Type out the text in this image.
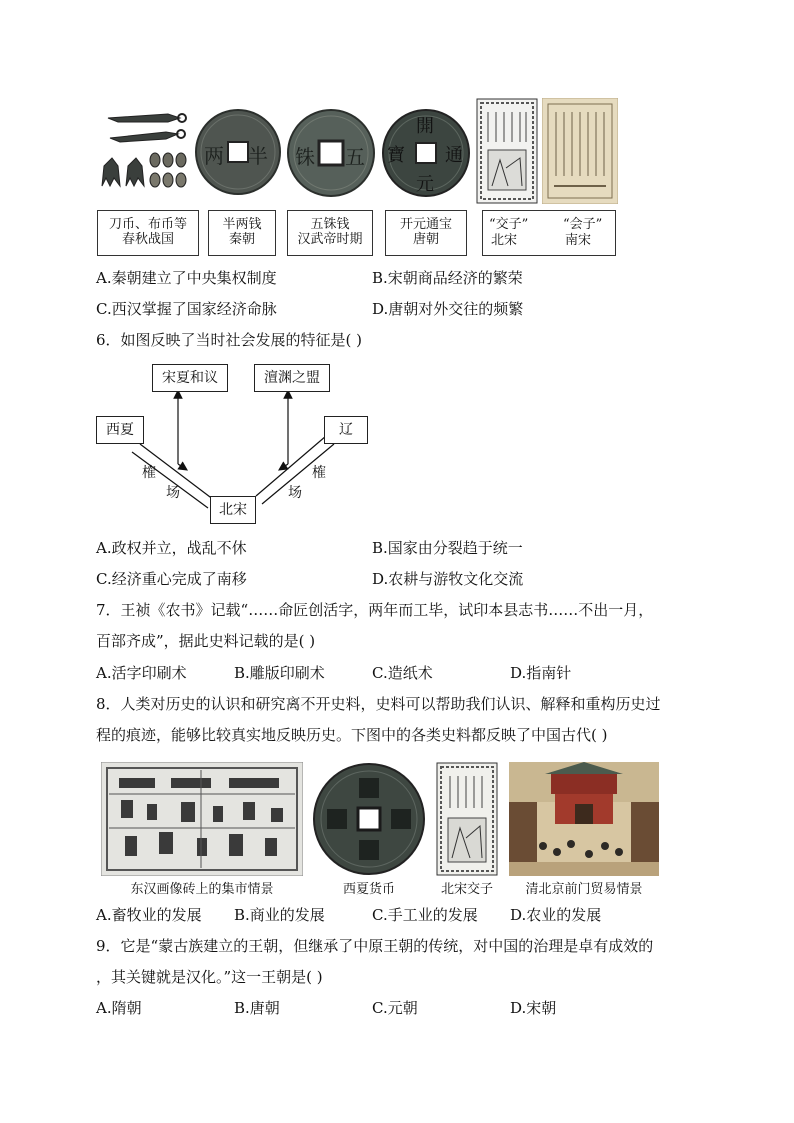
半
两	五
铢
開
元
通
寶
刀币、布币等
春秋战国
半两钱
秦朝
五铢钱
汉武帝时期
开元通宝
唐朝
“交子”	“会子”
北宋	南宋
A.秦朝建立了中央集权制度	B.宋朝商品经济的繁荣
C.西汉掌握了国家经济命脉	D.唐朝对外交往的频繁
6．如图反映了当时社会发展的特征是( )
宋夏和议	澶渊之盟
西夏	辽
北宋
榷
场
榷
场
A.政权并立，战乱不休	B.国家由分裂趋于统一
C.经济重心完成了南移	D.农耕与游牧文化交流
7．王祯《农书》记载“……命匠创活字，两年而工毕，试印本县志书……不出一月，
百部齐成”，据此史料记载的是( )
A.活字印刷术	B.雕版印刷术	C.造纸术	D.指南针
8．人类对历史的认识和研究离不开史料，史料可以帮助我们认识、解释和重构历史过
程的痕迹，能够比较真实地反映历史。下图中的各类史料都反映了中国古代( )
东汉画像砖上的集市情景	西夏货币	北宋交子	清北京前门贸易情景
A.畜牧业的发展 B.商业的发展	C.手工业的发展 D.农业的发展
9．它是“蒙古族建立的王朝，但继承了中原王朝的传统，对中国的治理是卓有成效的
，其关键就是汉化。”这一王朝是( )
A.隋朝	B.唐朝	C.元朝	D.宋朝
